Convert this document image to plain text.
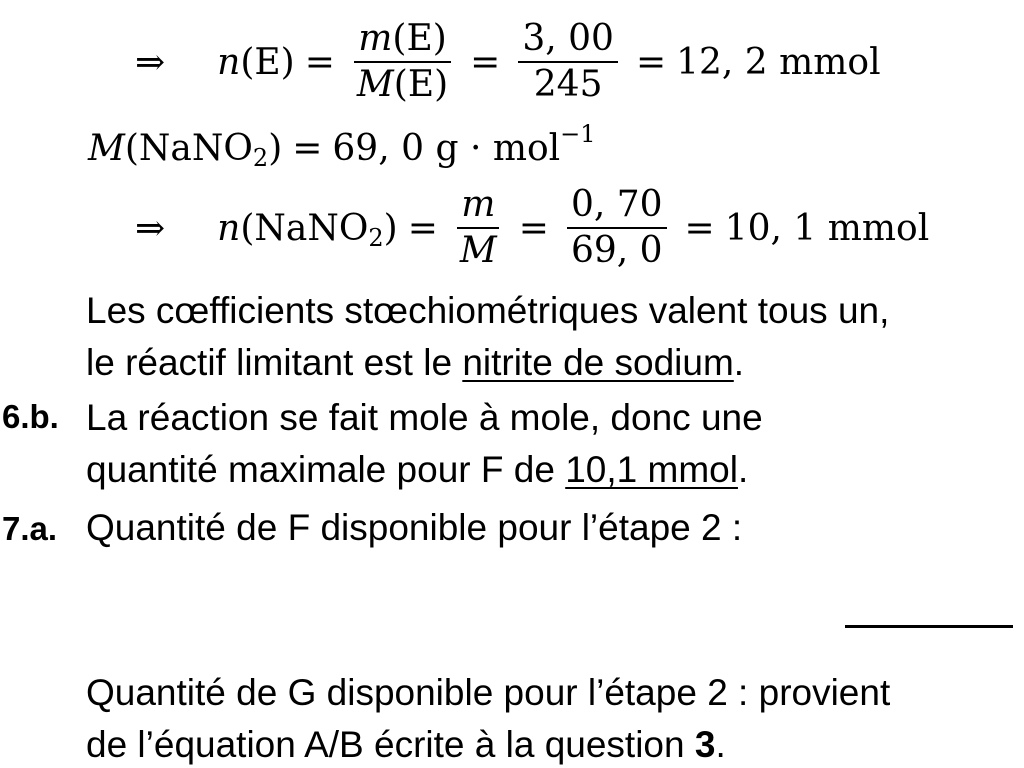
⇒ n $(E) = \frac{m(E)}{M(E)} = \frac{3, 00}{245} = 12$, 2 mmol
M (NaNO 2 ) = 69, 0 g · mol −1
⇒ n (NaNO 2 ) = $\frac{m}{M} = \frac{0, 70}{69, 0} = 10$, 1 mmol
Les cœfficients stœchiométriques valent tous un,
le réactif limitant est le nitrite de sodium.
6.b. La réaction se fait mole à mole, donc une
quantité maximale pour F de 10,1 mmol.
7.a. Quantité de F disponible pour l’étape 2 :
Quantité de G disponible pour l’étape 2 : provient
de l’équation A/B écrite à la question 3.
